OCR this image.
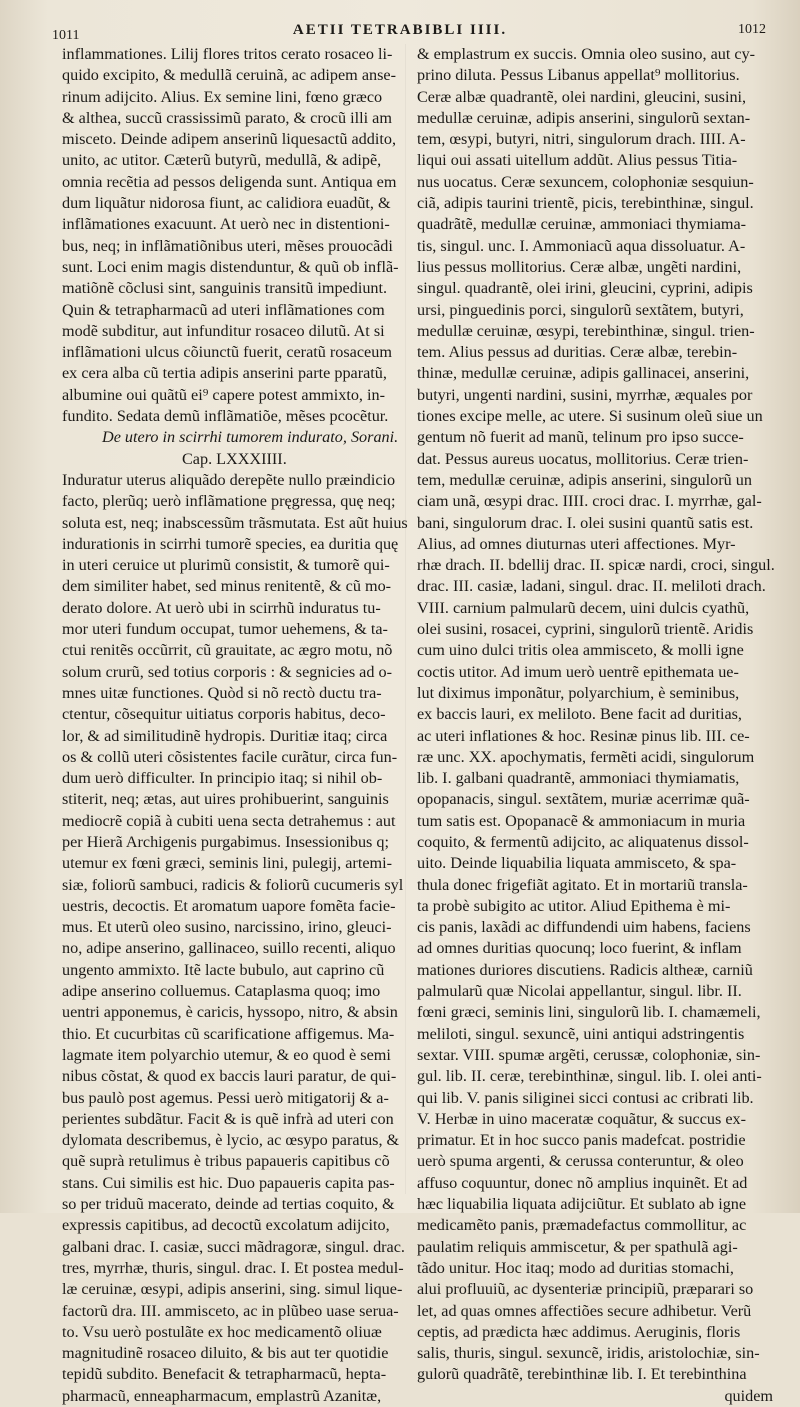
1011	AETII TETRABIBLI IIII.	1012
inflammationes. Lilij flores tritos cerato rosaceo li-
quido excipito, & medullã ceruinã, ac adipem anse-
rinum adijcito. Alius. Ex semine lini, fœno græco
& althea, succũ crassissimũ parato, & crocũ illi am
misceto. Deinde adipem anserinũ liquesactũ addito,
unito, ac utitor. Cæterũ butyrũ, medullã, & adipẽ,
omnia recẽtia ad pessos deligenda sunt. Antiqua em
dum liquãtur nidorosa fiunt, ac calidiora euadũt, &
inflãmationes exacuunt. At uerò nec in distentioni-
bus, neq; in inflãmatiõnibus uteri, mẽses prouocãdi
sunt. Loci enim magis distenduntur, & quũ ob inflã-
matiõnẽ cõclusi sint, sanguinis transitũ impediunt.
Quin & tetrapharmacũ ad uteri inflãmationes com
modẽ subditur, aut infunditur rosaceo dilutũ. At si
inflãmationi ulcus cõiunctũ fuerit, ceratũ rosaceum
ex cera alba cũ tertia adipis anserini parte pparatũ,
albumine oui quãtũ ei⁹ capere potest ammixto, in-
fundito. Sedata demũ inflãmatiõe, mẽses pcocẽtur.
De utero in scirrhi tumorem indurato, Sorani.
Cap. LXXXIIII.
Induratur uterus aliquãdo derepẽte nullo præindicio
facto, plerũq; uerò inflãmatione pręgressa, quę neq;
soluta est, neq; inabscessũm trãsmutata. Est aũt huius
indurationis in scirrhi tumorẽ species, ea duritia quę
in uteri ceruice ut plurimũ consistit, & tumorẽ qui-
dem similiter habet, sed minus renitentẽ, & cũ mo-
derato dolore. At uerò ubi in scirrhũ induratus tu-
mor uteri fundum occupat, tumor uehemens, & ta-
ctui renitẽs occũrrit, cũ grauitate, ac ægro motu, nõ
solum crurũ, sed totius corporis : & segnicies ad o-
mnes uitæ functiones. Quòd si nõ rectò ductu tra-
ctentur, cõsequitur uitiatus corporis habitus, deco-
lor, & ad similitudinẽ hydropis. Duritiæ itaq; circa
os & collũ uteri cõsistentes facile curãtur, circa fun-
dum uerò difficulter. In principio itaq; si nihil ob-
stiterit, neq; ætas, aut uires prohibuerint, sanguinis
mediocrẽ copiã à cubiti uena secta detrahemus : aut
per Hierã Archigenis purgabimus. Insessionibus q;
utemur ex fœni græci, seminis lini, pulegij, artemi-
siæ, foliorũ sambuci, radicis & foliorũ cucumeris syl
uestris, decoctis. Et aromatum uapore fomẽta facie-
mus. Et uterũ oleo susino, narcissino, irino, gleuci-
no, adipe anserino, gallinaceo, suillo recenti, aliquo
ungento ammixto. Itẽ lacte bubulo, aut caprino cũ
adipe anserino colluemus. Cataplasma quoq; imo
uentri apponemus, è caricis, hyssopo, nitro, & absin
thio. Et cucurbitas cũ scarificatione affigemus. Ma-
lagmate item polyarchio utemur, & eo quod è semi
nibus cõstat, & quod ex baccis lauri paratur, de qui-
bus paulò post agemus. Pessi uerò mitigatorij & a-
perientes subdãtur. Facit & is quẽ infrà ad uteri con
dylomata describemus, è lycio, ac œsypo paratus, &
quẽ suprà retulimus è tribus papaueris capitibus cõ
stans. Cui similis est hic. Duo papaueris capita pas-
so per triduũ macerato, deinde ad tertias coquito, &
expressis capitibus, ad decoctũ excolatum adijcito,
galbani drac. I. casiæ, succi mãdragoræ, singul. drac.
tres, myrrhæ, thuris, singul. drac. I. Et postea medul-
læ ceruinæ, œsypi, adipis anserini, sing. simul lique-
factorũ dra. III. ammisceto, ac in plũbeo uase serua-
to. Vsu uerò postulãte ex hoc medicamentõ oliuæ
magnitudinẽ rosaceo diluito, & bis aut ter quotidie
tepidũ subdito. Benefacit & tetrapharmacũ, hepta-
pharmacũ, enneapharmacum, emplastrũ Azanitæ,
& emplastrum ex succis. Omnia oleo susino, aut cy-
prino diluta. Pessus Libanus appellat⁹ mollitorius.
Ceræ albæ quadrantẽ, olei nardini, gleucini, susini,
medullæ ceruinæ, adipis anserini, singulorũ sextan-
tem, œsypi, butyri, nitri, singulorum drach. IIII. A-
liqui oui assati uitellum addũt. Alius pessus Titia-
nus uocatus. Ceræ sexuncem, colophoniæ sesquiun-
ciã, adipis taurini trientẽ, picis, terebinthinæ, singul.
quadrãtẽ, medullæ ceruinæ, ammoniaci thymiama-
tis, singul. unc. I. Ammoniacũ aqua dissoluatur. A-
lius pessus mollitorius. Ceræ albæ, ungẽti nardini,
singul. quadrantẽ, olei irini, gleucini, cyprini, adipis
ursi, pinguedinis porci, singulorũ sextãtem, butyri,
medullæ ceruinæ, œsypi, terebinthinæ, singul. trien-
tem. Alius pessus ad duritias. Ceræ albæ, terebin-
thinæ, medullæ ceruinæ, adipis gallinacei, anserini,
butyri, ungenti nardini, susini, myrrhæ, æquales por
tiones excipe melle, ac utere. Si susinum oleũ siue un
gentum nõ fuerit ad manũ, telinum pro ipso succe-
dat. Pessus aureus uocatus, mollitorius. Ceræ trien-
tem, medullæ ceruinæ, adipis anserini, singulorũ un
ciam unã, œsypi drac. IIII. croci drac. I. myrrhæ, gal-
bani, singulorum drac. I. olei susini quantũ satis est.
Alius, ad omnes diuturnas uteri affectiones. Myr-
rhæ drach. II. bdellij drac. II. spicæ nardi, croci, singul.
drac. III. casiæ, ladani, singul. drac. II. meliloti drach.
VIII. carnium palmularũ decem, uini dulcis cyathũ,
olei susini, rosacei, cyprini, singulorũ trientẽ. Aridis
cum uino dulci tritis olea ammisceto, & molli igne
coctis utitor. Ad imum uerò uentrẽ epithemata ue-
lut diximus imponãtur, polyarchium, è seminibus,
ex baccis lauri, ex meliloto. Bene facit ad duritias,
ac uteri inflationes & hoc. Resinæ pinus lib. III. ce-
ræ unc. XX. apochymatis, fermẽti acidi, singulorum
lib. I. galbani quadrantẽ, ammoniaci thymiamatis,
opopanacis, singul. sextãtem, muriæ acerrimæ quã-
tum satis est. Opopanacẽ & ammoniacum in muria
coquito, & fermentũ adijcito, ac aliquatenus dissol-
uito. Deinde liquabilia liquata ammisceto, & spa-
thula donec frigefiãt agitato. Et in mortariũ transla-
ta probè subigito ac utitor. Aliud Epithema è mi-
cis panis, laxãdi ac diffundendi uim habens, faciens
ad omnes duritias quocunq; loco fuerint, & inflam
mationes duriores discutiens. Radicis altheæ, carniũ
palmularũ quæ Nicolai appellantur, singul. libr. II.
fœni græci, seminis lini, singulorũ lib. I. chamæmeli,
meliloti, singul. sexuncẽ, uini antiqui adstringentis
sextar. VIII. spumæ argẽti, cerussæ, colophoniæ, sin-
gul. lib. II. ceræ, terebinthinæ, singul. lib. I. olei anti-
qui lib. V. panis siliginei sicci contusi ac cribrati lib.
V. Herbæ in uino maceratæ coquãtur, & succus ex-
primatur. Et in hoc succo panis madefcat. postridie
uerò spuma argenti, & cerussa conteruntur, & oleo
affuso coquuntur, donec nõ amplius inquinẽt. Et ad
hæc liquabilia liquata adijciũtur. Et sublato ab igne
medicamẽto panis, præmadefactus commollitur, ac
paulatim reliquis ammiscetur, & per spathulã agi-
tãdo unitur. Hoc itaq; modo ad duritias stomachi,
alui profluuiũ, ac dysenteriæ principiũ, præparari so
let, ad quas omnes affectiões secure adhibetur. Verũ
ceptis, ad prædicta hæc addimus. Aeruginis, floris
salis, thuris, singul. sexuncẽ, iridis, aristolochiæ, sin-
gulorũ quadrãtẽ, terebinthinæ lib. I. Et terebinthina
quidem
